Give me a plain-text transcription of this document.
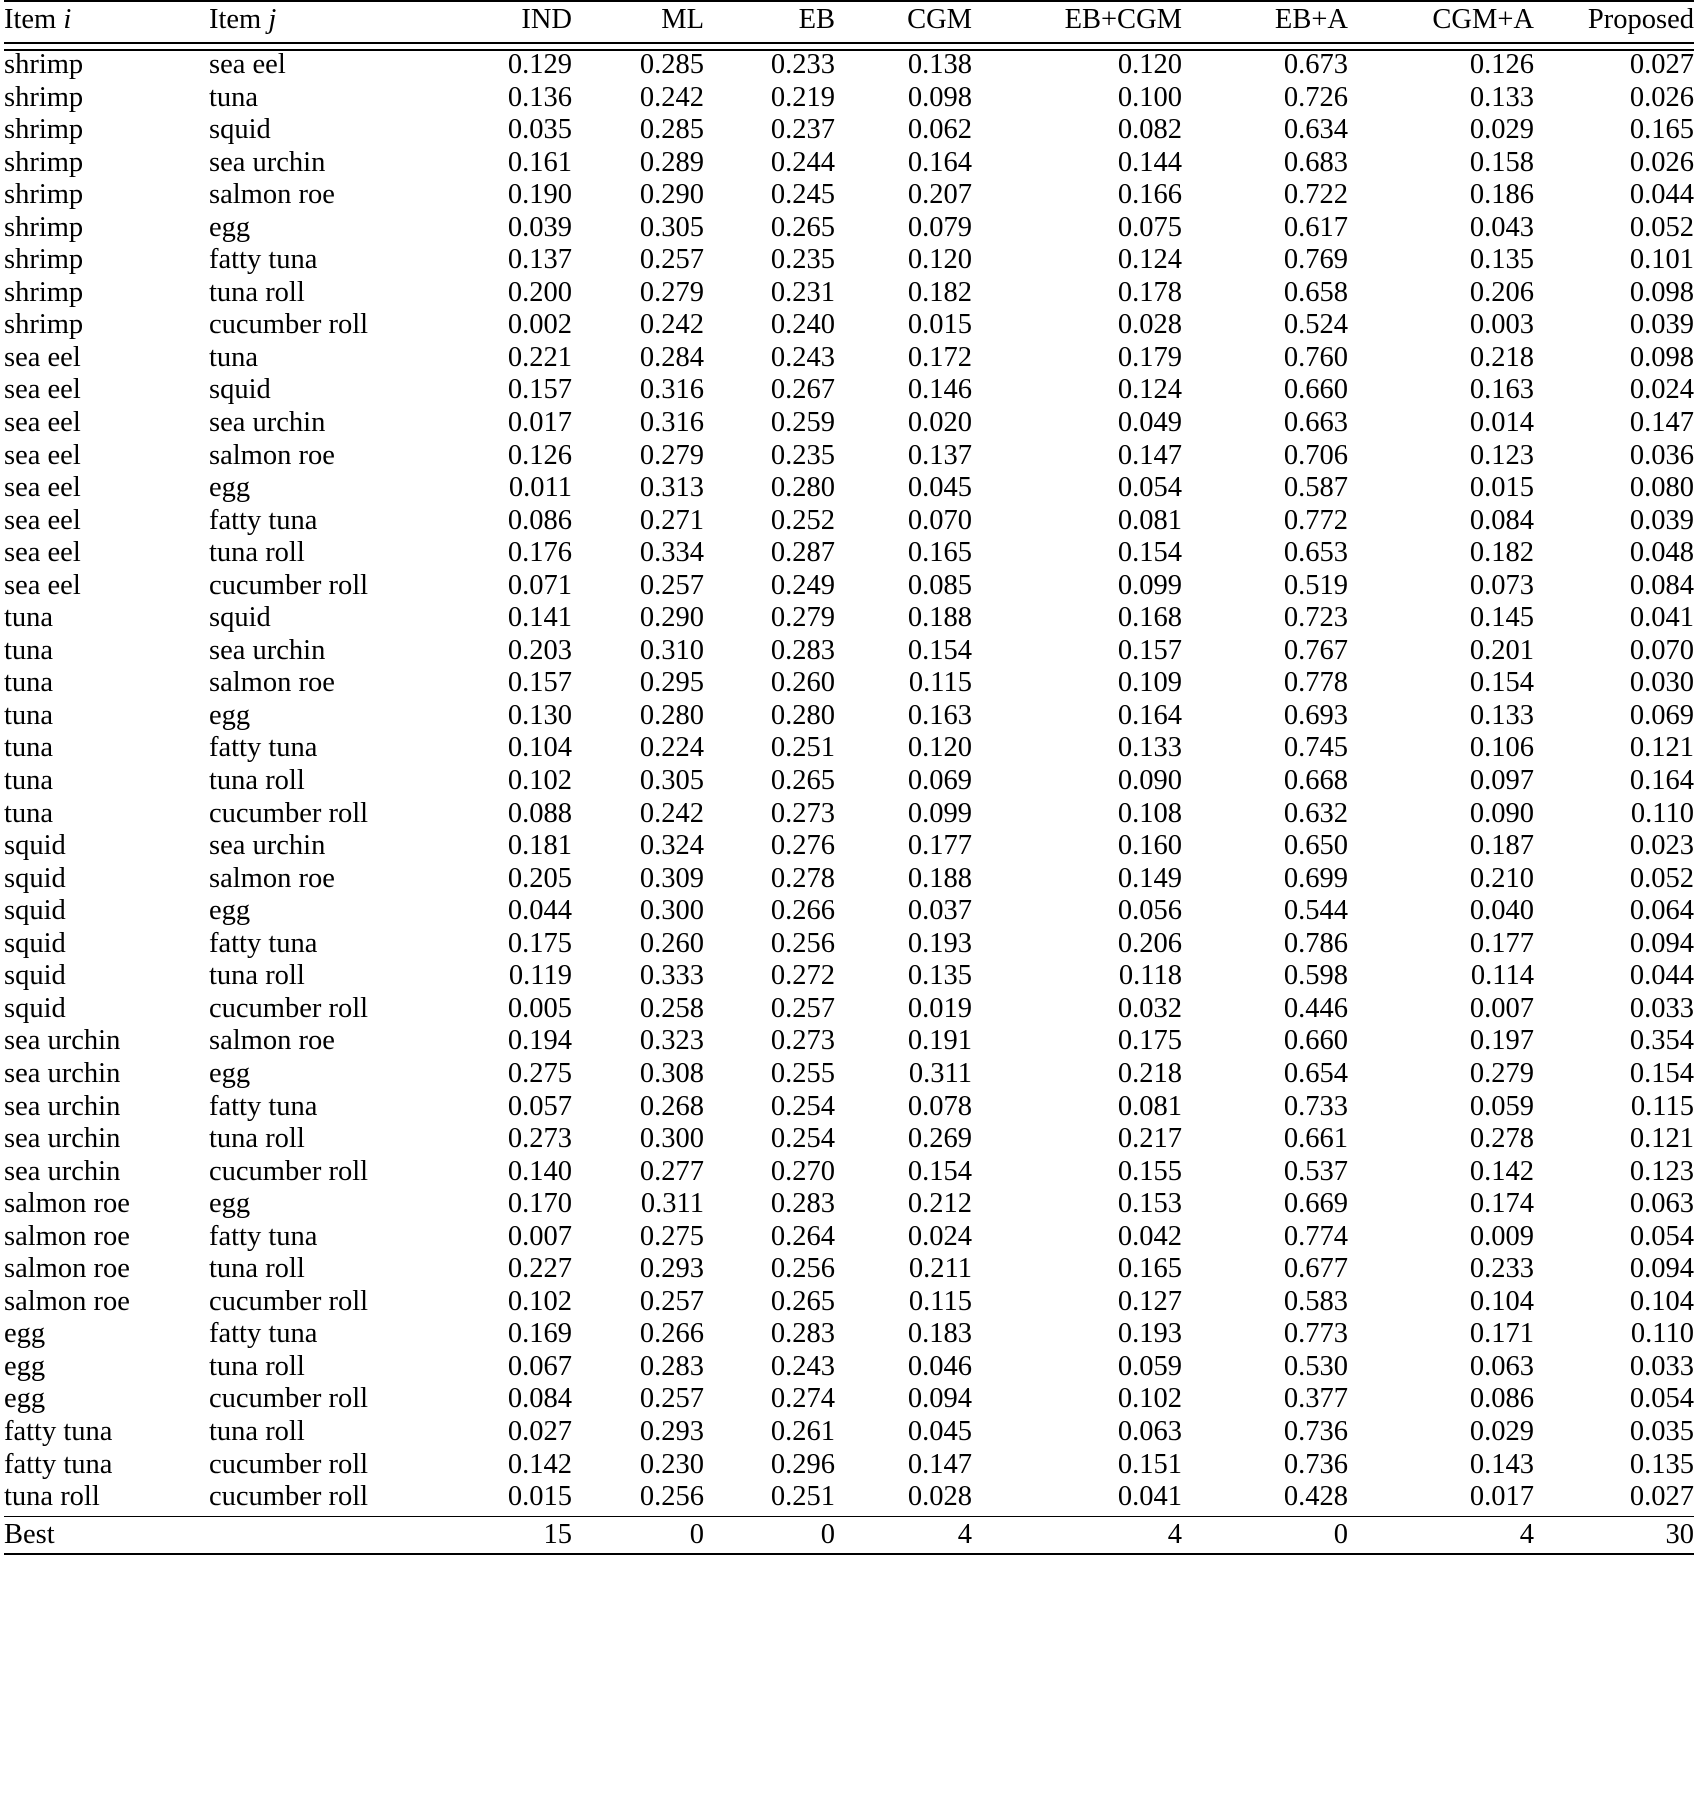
Item i	Item j	IND	ML	EB	CGM	EB+CGM	EB+A	CGM+A	Proposed

shrimp	sea eel	0.129	0.285	0.233	0.138	0.120	0.673	0.126	0.027
shrimp	tuna	0.136	0.242	0.219	0.098	0.100	0.726	0.133	0.026
shrimp	squid	0.035	0.285	0.237	0.062	0.082	0.634	0.029	0.165
shrimp	sea urchin	0.161	0.289	0.244	0.164	0.144	0.683	0.158	0.026
shrimp	salmon roe	0.190	0.290	0.245	0.207	0.166	0.722	0.186	0.044
shrimp	egg	0.039	0.305	0.265	0.079	0.075	0.617	0.043	0.052
shrimp	fatty tuna	0.137	0.257	0.235	0.120	0.124	0.769	0.135	0.101
shrimp	tuna roll	0.200	0.279	0.231	0.182	0.178	0.658	0.206	0.098
shrimp	cucumber roll	0.002	0.242	0.240	0.015	0.028	0.524	0.003	0.039
sea eel	tuna	0.221	0.284	0.243	0.172	0.179	0.760	0.218	0.098
sea eel	squid	0.157	0.316	0.267	0.146	0.124	0.660	0.163	0.024
sea eel	sea urchin	0.017	0.316	0.259	0.020	0.049	0.663	0.014	0.147
sea eel	salmon roe	0.126	0.279	0.235	0.137	0.147	0.706	0.123	0.036
sea eel	egg	0.011	0.313	0.280	0.045	0.054	0.587	0.015	0.080
sea eel	fatty tuna	0.086	0.271	0.252	0.070	0.081	0.772	0.084	0.039
sea eel	tuna roll	0.176	0.334	0.287	0.165	0.154	0.653	0.182	0.048
sea eel	cucumber roll	0.071	0.257	0.249	0.085	0.099	0.519	0.073	0.084
tuna	squid	0.141	0.290	0.279	0.188	0.168	0.723	0.145	0.041
tuna	sea urchin	0.203	0.310	0.283	0.154	0.157	0.767	0.201	0.070
tuna	salmon roe	0.157	0.295	0.260	0.115	0.109	0.778	0.154	0.030
tuna	egg	0.130	0.280	0.280	0.163	0.164	0.693	0.133	0.069
tuna	fatty tuna	0.104	0.224	0.251	0.120	0.133	0.745	0.106	0.121
tuna	tuna roll	0.102	0.305	0.265	0.069	0.090	0.668	0.097	0.164
tuna	cucumber roll	0.088	0.242	0.273	0.099	0.108	0.632	0.090	0.110
squid	sea urchin	0.181	0.324	0.276	0.177	0.160	0.650	0.187	0.023
squid	salmon roe	0.205	0.309	0.278	0.188	0.149	0.699	0.210	0.052
squid	egg	0.044	0.300	0.266	0.037	0.056	0.544	0.040	0.064
squid	fatty tuna	0.175	0.260	0.256	0.193	0.206	0.786	0.177	0.094
squid	tuna roll	0.119	0.333	0.272	0.135	0.118	0.598	0.114	0.044
squid	cucumber roll	0.005	0.258	0.257	0.019	0.032	0.446	0.007	0.033
sea urchin	salmon roe	0.194	0.323	0.273	0.191	0.175	0.660	0.197	0.354
sea urchin	egg	0.275	0.308	0.255	0.311	0.218	0.654	0.279	0.154
sea urchin	fatty tuna	0.057	0.268	0.254	0.078	0.081	0.733	0.059	0.115
sea urchin	tuna roll	0.273	0.300	0.254	0.269	0.217	0.661	0.278	0.121
sea urchin	cucumber roll	0.140	0.277	0.270	0.154	0.155	0.537	0.142	0.123
salmon roe	egg	0.170	0.311	0.283	0.212	0.153	0.669	0.174	0.063
salmon roe	fatty tuna	0.007	0.275	0.264	0.024	0.042	0.774	0.009	0.054
salmon roe	tuna roll	0.227	0.293	0.256	0.211	0.165	0.677	0.233	0.094
salmon roe	cucumber roll	0.102	0.257	0.265	0.115	0.127	0.583	0.104	0.104
egg	fatty tuna	0.169	0.266	0.283	0.183	0.193	0.773	0.171	0.110
egg	tuna roll	0.067	0.283	0.243	0.046	0.059	0.530	0.063	0.033
egg	cucumber roll	0.084	0.257	0.274	0.094	0.102	0.377	0.086	0.054
fatty tuna	tuna roll	0.027	0.293	0.261	0.045	0.063	0.736	0.029	0.035
fatty tuna	cucumber roll	0.142	0.230	0.296	0.147	0.151	0.736	0.143	0.135
tuna roll	cucumber roll	0.015	0.256	0.251	0.028	0.041	0.428	0.017	0.027

Best		15	0	0	4	4	0	4	30
